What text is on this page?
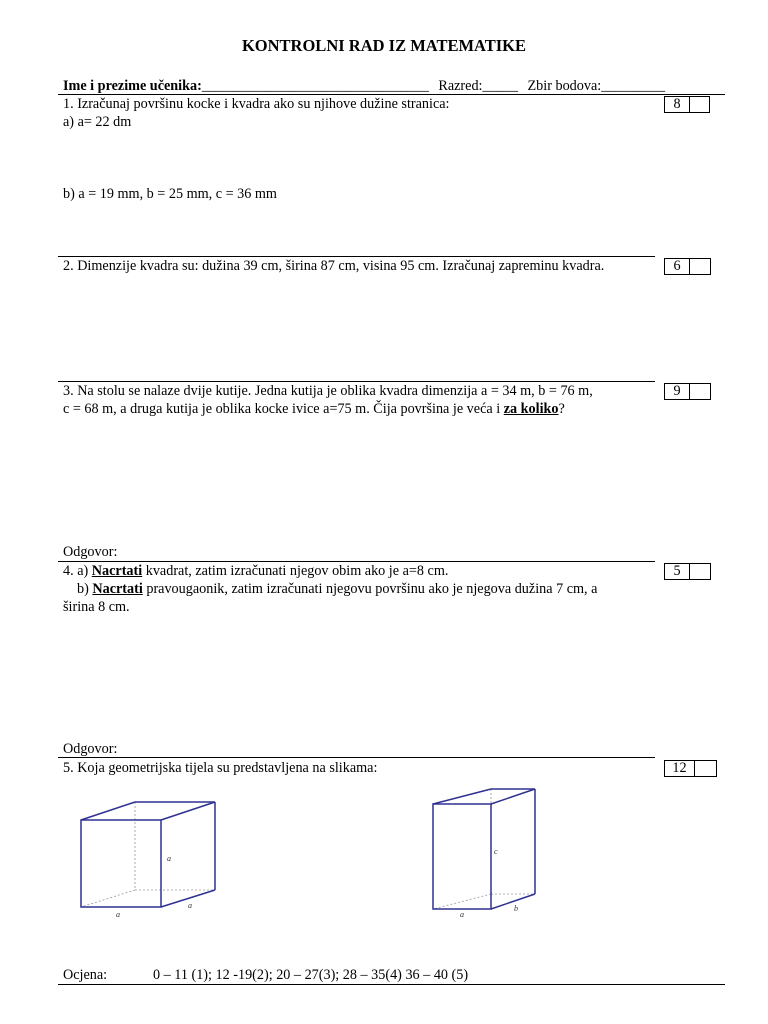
KONTROLNI RAD IZ MATEMATIKE
Ime i prezime učenika:________________________________ Razred:_____ Zbir bodova:_________
1. Izračunaj površinu kocke i kvadra ako su njihove dužine stranica:
a) a= 22 dm
b) a = 19 mm, b = 25 mm, c = 36 mm
8
2. Dimenzije kvadra su: dužina 39 cm, širina 87 cm, visina 95 cm. Izračunaj zapreminu kvadra.	6
3. Na stolu se nalaze dvije kutije. Jedna kutija je oblika kvadra dimenzija a = 34 m, b = 76 m,
c = 68 m, a druga kutija je oblika kocke ivice a=75 m. Čija površina je veća i za koliko?
Odgovor:
9
4. a) Nacrtati kvadrat, zatim izračunati njegov obim ako je a=8 cm.
b) Nacrtati pravougaonik, zatim izračunati njegovu površinu ako je njegova dužina 7 cm, a
širina 8 cm.
Odgovor:
5
5. Koja geometrijska tijela su predstavljena na slikama:	12
a
a
a
c
a
b
Ocjena:	0 – 11 (1); 12 -19(2); 20 – 27(3); 28 – 35(4) 36 – 40 (5)
